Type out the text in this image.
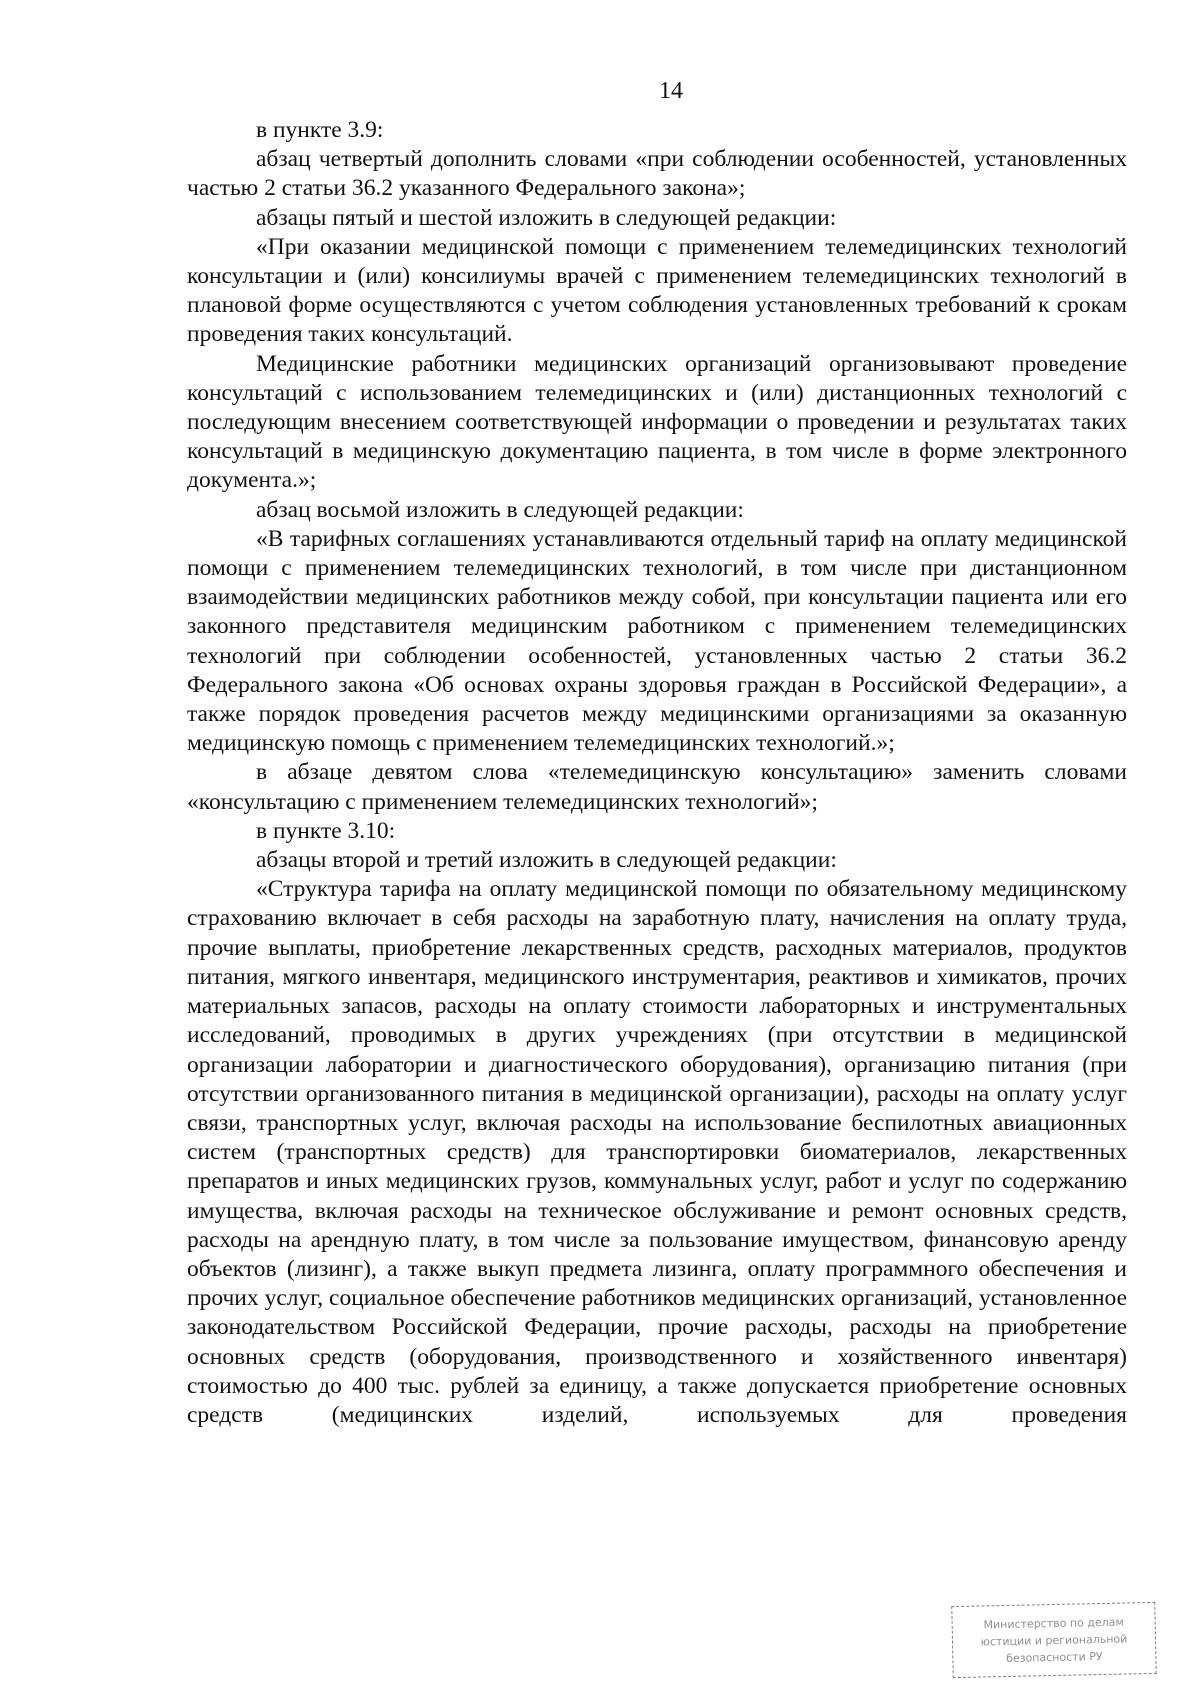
14

в пункте 3.9:

абзац четвертый дополнить словами «при соблюдении особенностей, установленных частью 2 статьи 36.2 указанного Федерального закона»;

абзацы пятый и шестой изложить в следующей редакции:

«При оказании медицинской помощи с применением телемедицинских технологий консультации и (или) консилиумы врачей с применением телемедицинских технологий в плановой форме осуществляются с учетом соблюдения установленных требований к срокам проведения таких консультаций.

Медицинские работники медицинских организаций организовывают проведение консультаций с использованием телемедицинских и (или) дистанционных технологий с последующим внесением соответствующей информации о проведении и результатах таких консультаций в медицинскую документацию пациента, в том числе в форме электронного документа.»;

абзац восьмой изложить в следующей редакции:

«В тарифных соглашениях устанавливаются отдельный тариф на оплату медицинской помощи с применением телемедицинских технологий, в том числе при дистанционном взаимодействии медицинских работников между собой, при консультации пациента или его законного представителя медицинским работником с применением телемедицинских технологий при соблюдении особенностей, установленных частью 2 статьи 36.2 Федерального закона «Об основах охраны здоровья граждан в Российской Федерации», а также порядок проведения расчетов между медицинскими организациями за оказанную медицинскую помощь с применением телемедицинских технологий.»;

в абзаце девятом слова «телемедицинскую консультацию» заменить словами «консультацию с применением телемедицинских технологий»;

в пункте 3.10:

абзацы второй и третий изложить в следующей редакции:

«Структура тарифа на оплату медицинской помощи по обязательному медицинскому страхованию включает в себя расходы на заработную плату, начисления на оплату труда, прочие выплаты, приобретение лекарственных средств, расходных материалов, продуктов питания, мягкого инвентаря, медицинского инструментария, реактивов и химикатов, прочих материальных запасов, расходы на оплату стоимости лабораторных и инструментальных исследований, проводимых в других учреждениях (при отсутствии в медицинской организации лаборатории и диагностического оборудования), организацию питания (при отсутствии организованного питания в медицинской организации), расходы на оплату услуг связи, транспортных услуг, включая расходы на использование беспилотных авиационных систем (транспортных средств) для транспортировки биоматериалов, лекарственных препаратов и иных медицинских грузов, коммунальных услуг, работ и услуг по содержанию имущества, включая расходы на техническое обслуживание и ремонт основных средств, расходы на арендную плату, в том числе за пользование имуществом, финансовую аренду объектов (лизинг), а также выкуп предмета лизинга, оплату программного обеспечения и прочих услуг, социальное обеспечение работников медицинских организаций, установленное законодательством Российской Федерации, прочие расходы, расходы на приобретение основных средств (оборудования, производственного и хозяйственного инвентаря) стоимостью до 400 тыс. рублей за единицу, а также допускается приобретение основных средств (медицинских изделий, используемых для проведения

Министерство по делам
юстиции и региональной
безопасности РУ
